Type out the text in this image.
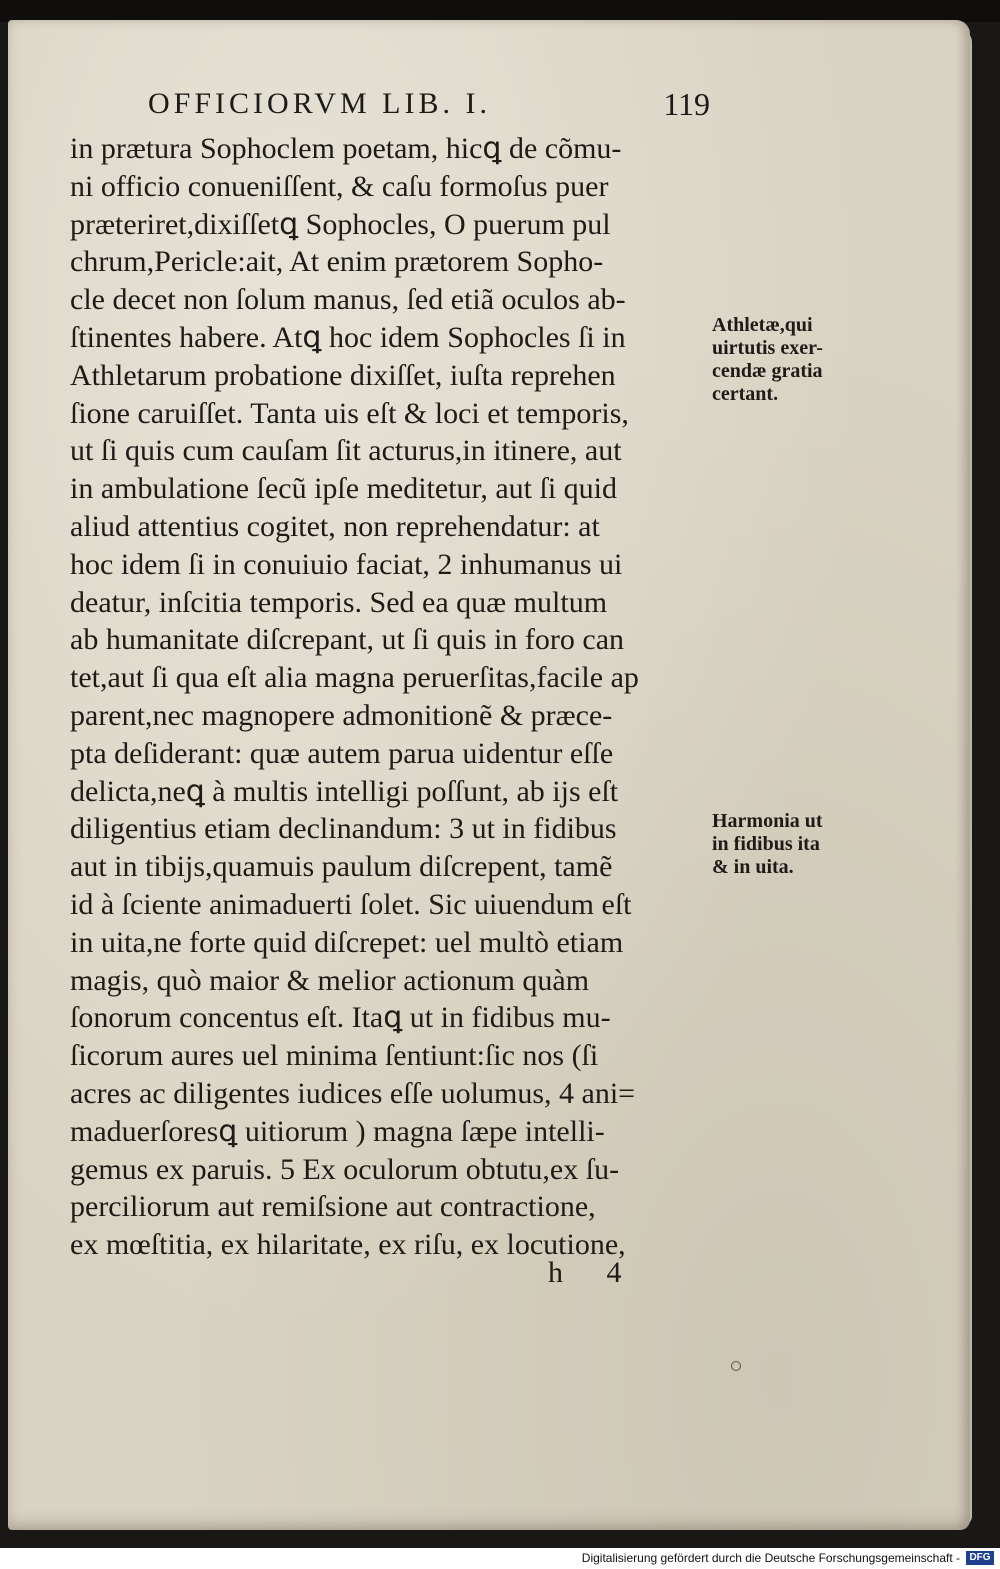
OFFICIORVM LIB. I.	119
in prætura Sophoclem poetam, hicꝗ de cõmu-
ni officio conueniſſent, & caſu formoſus puer
præteriret,dixiſſetꝗ Sophocles, O puerum pul
chrum,Pericle:ait, At enim prætorem Sopho-
cle decet non ſolum manus, ſed etiã oculos ab-
ſtinentes habere. Atꝗ hoc idem Sophocles ſi in
Athletarum probatione dixiſſet, iuſta reprehen
ſione caruiſſet. Tanta uis eſt & loci et temporis,
ut ſi quis cum cauſam ſit acturus,in itinere, aut
in ambulatione ſecũ ipſe meditetur, aut ſi quid
aliud attentius cogitet, non reprehendatur: at
hoc idem ſi in conuiuio faciat, 2 inhumanus ui
deatur, inſcitia temporis. Sed ea quæ multum
ab humanitate diſcrepant, ut ſi quis in foro can
tet,aut ſi qua eſt alia magna peruerſitas,facile ap
parent,nec magnopere admonitionẽ & præce-
pta deſiderant: quæ autem parua uidentur eſſe
delicta,neꝗ à multis intelligi poſſunt, ab ijs eſt
diligentius etiam declinandum: 3 ut in fidibus
aut in tibijs,quamuis paulum diſcrepent, tamẽ
id à ſciente animaduerti ſolet. Sic uiuendum eſt
in uita,ne forte quid diſcrepet: uel multò etiam
magis, quò maior & melior actionum quàm
ſonorum concentus eſt. Itaꝗ ut in fidibus mu-
ſicorum aures uel minima ſentiunt:ſic nos (ſi
acres ac diligentes iudices eſſe uolumus, 4 ani=
maduerſoresꝗ uitiorum ) magna ſæpe intelli-
gemus ex paruis. 5 Ex oculorum obtutu,ex ſu-
perciliorum aut remiſsione aut contractione,
ex mœſtitia, ex hilaritate, ex riſu, ex locutione,
Athletæ,qui
uirtutis exer-
cendæ gratia
certant.
Harmonia ut
in fidibus ita
& in uita.
h 4
Digitalisierung gefördert durch die Deutsche Forschungsgemeinschaft - DFG
